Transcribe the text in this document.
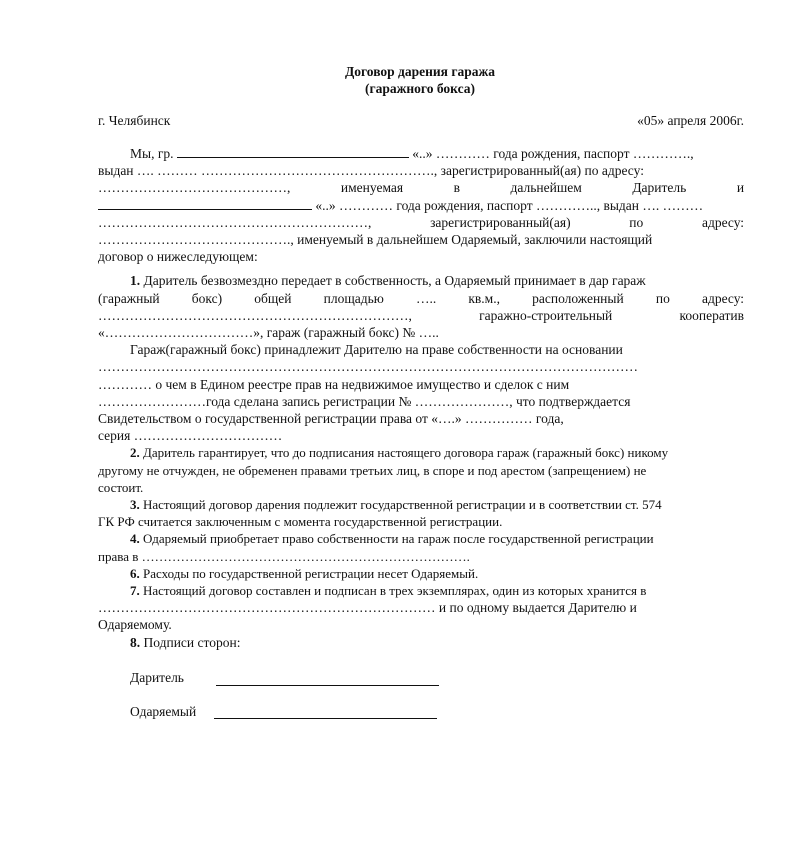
Договор дарения гаража
(гаражного бокса)
г. Челябинск	«05» апреля 2006г.
Мы, гр.	«..» ………… года рождения, паспорт ………….,
выдан …. ……… ……………………………………………., зарегистрированный(ая) по адресу:
……………………………………,	именуемая	в	дальнейшем	Даритель	и
«..» ………… года рождения, паспорт ………….., выдан …. ………
……………………………………………………,	зарегистрированный(ая)	по	адресу:
……………………………………., именуемый в дальнейшем Одаряемый, заключили настоящий
договор о нижеследующем:
1. Даритель безвозмездно передает в собственность, а Одаряемый принимает в дар гараж
(гаражный бокс) общей площадью ….. кв.м., расположенный по адресу:
……………………………………………………………,	гаражно-строительный	кооператив
«……………………………», гараж (гаражный бокс) № …..
Гараж(гаражный бокс) принадлежит Дарителю на праве собственности на основании
…………………………………………………………………………………………………………
………… о чем в Едином реестре прав на недвижимое имущество и сделок с ним
……………………года сделана запись регистрации № …………………, что подтверждается
Свидетельством о государственной регистрации права от «….» …………… года,
серия ……………………………
2. Даритель гарантирует, что до подписания настоящего договора гараж (гаражный бокс) никому
другому не отчужден, не обременен правами третьих лиц, в споре и под арестом (запрещением) не
состоит.
3. Настоящий договор дарения подлежит государственной регистрации и в соответствии ст. 574
ГК РФ считается заключенным с момента государственной регистрации.
4. Одаряемый приобретает право собственности на гараж после государственной регистрации
права в ………………………………………………………………….
6. Расходы по государственной регистрации несет Одаряемый.
7. Настоящий договор составлен и подписан в трех экземплярах, один из которых хранится в
………………………………………………………………… и по одному выдается Дарителю и
Одаряемому.
8. Подписи сторон:
Даритель
Одаряемый
